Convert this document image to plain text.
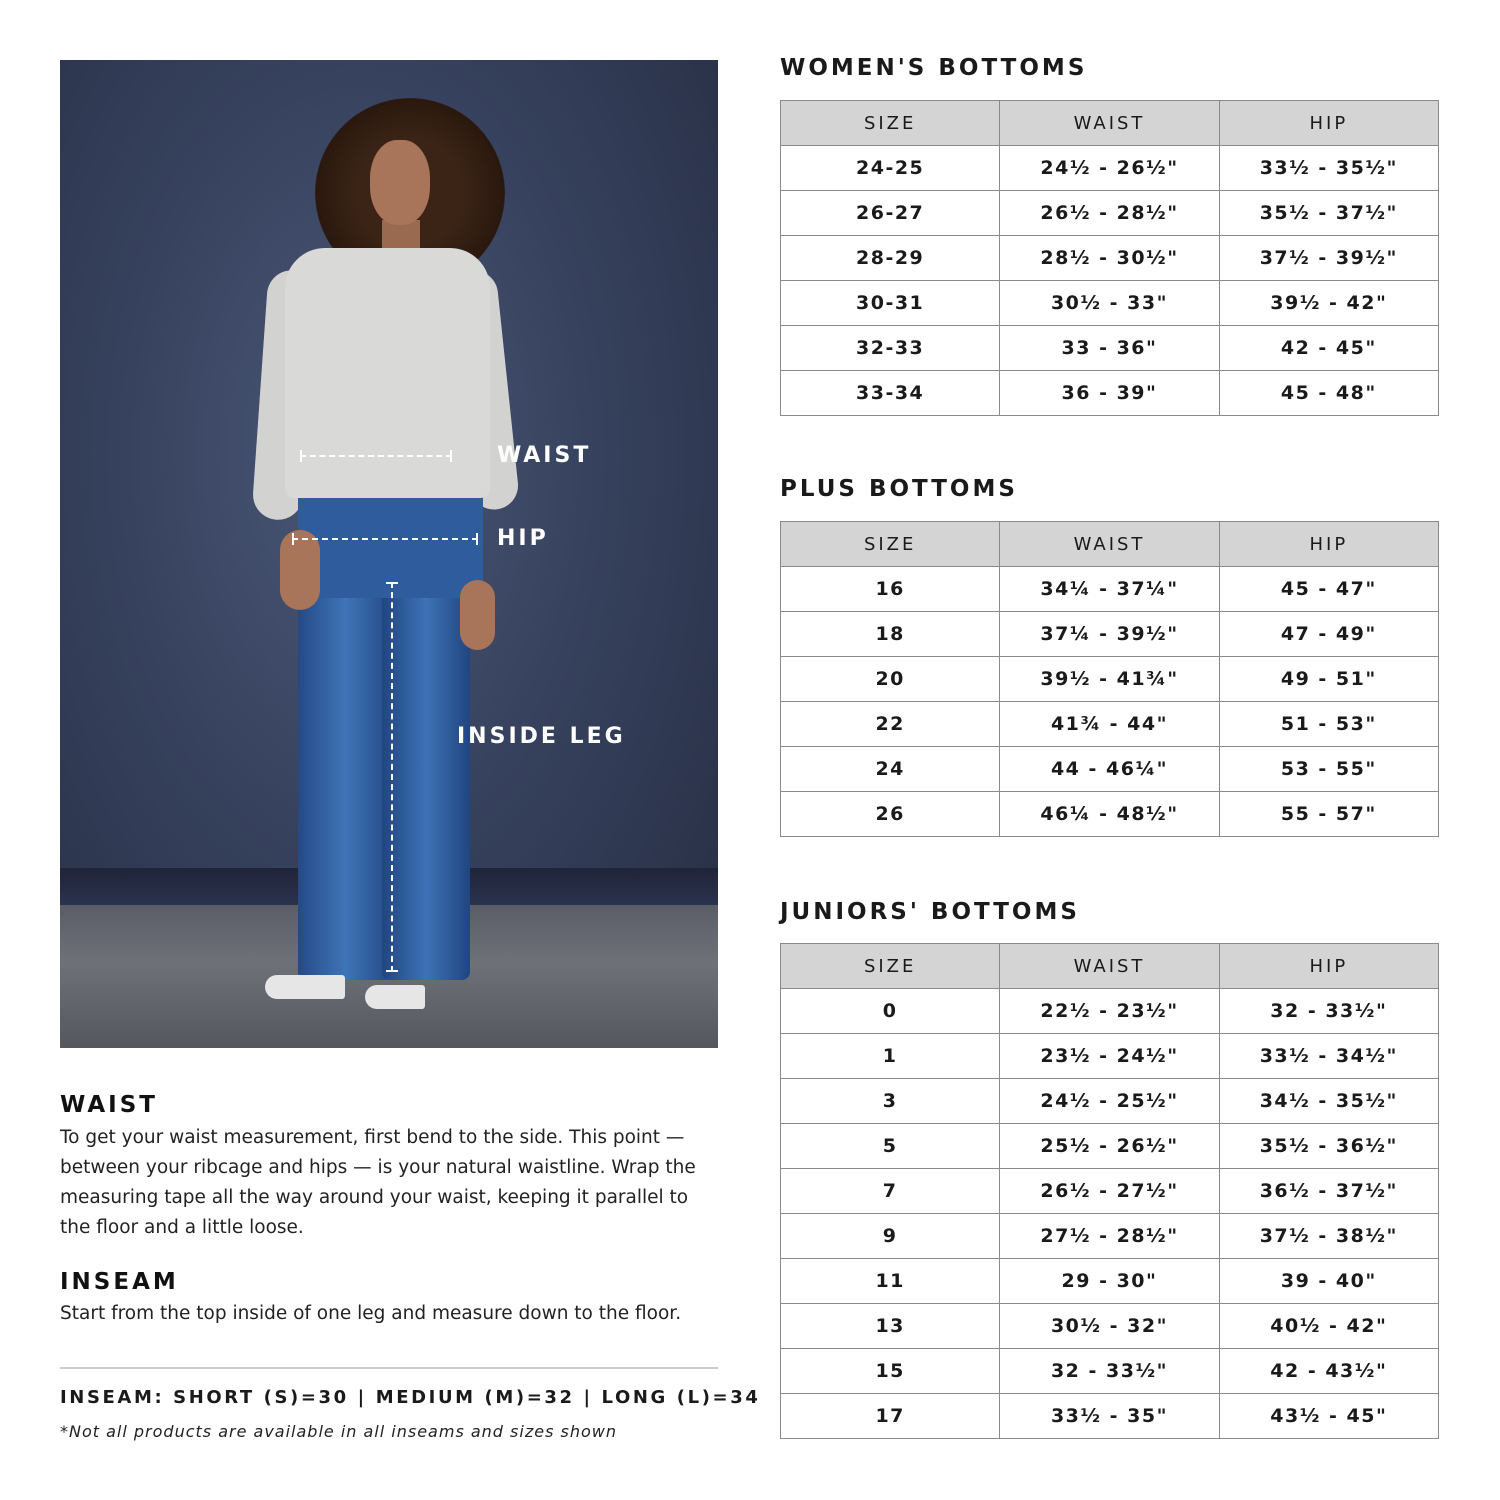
WAIST
HIP
INSIDE LEG
WAIST
To get your waist measurement, first bend to the side. This point — between your ribcage and hips — is your natural waistline. Wrap the measuring tape all the way around your waist, keeping it parallel to the floor and a little loose.
INSEAM
Start from the top inside of one leg and measure down to the floor.
INSEAM: SHORT (S)=30 | MEDIUM (M)=32 | LONG (L)=34
*Not all products are available in all inseams and sizes shown
WOMEN'S BOTTOMS
SIZE	WAIST	HIP
24-25	24½ - 26½"	33½ - 35½"
26-27	26½ - 28½"	35½ - 37½"
28-29	28½ - 30½"	37½ - 39½"
30-31	30½ - 33"	39½ - 42"
32-33	33 - 36"	42 - 45"
33-34	36 - 39"	45 - 48"
PLUS BOTTOMS
SIZE	WAIST	HIP
16	34¼ - 37¼"	45 - 47"
18	37¼ - 39½"	47 - 49"
20	39½ - 41¾"	49 - 51"
22	41¾ - 44"	51 - 53"
24	44 - 46¼"	53 - 55"
26	46¼ - 48½"	55 - 57"
JUNIORS' BOTTOMS
SIZE	WAIST	HIP
0	22½ - 23½"	32 - 33½"
1	23½ - 24½"	33½ - 34½"
3	24½ - 25½"	34½ - 35½"
5	25½ - 26½"	35½ - 36½"
7	26½ - 27½"	36½ - 37½"
9	27½ - 28½"	37½ - 38½"
11	29 - 30"	39 - 40"
13	30½ - 32"	40½ - 42"
15	32 - 33½"	42 - 43½"
17	33½ - 35"	43½ - 45"
